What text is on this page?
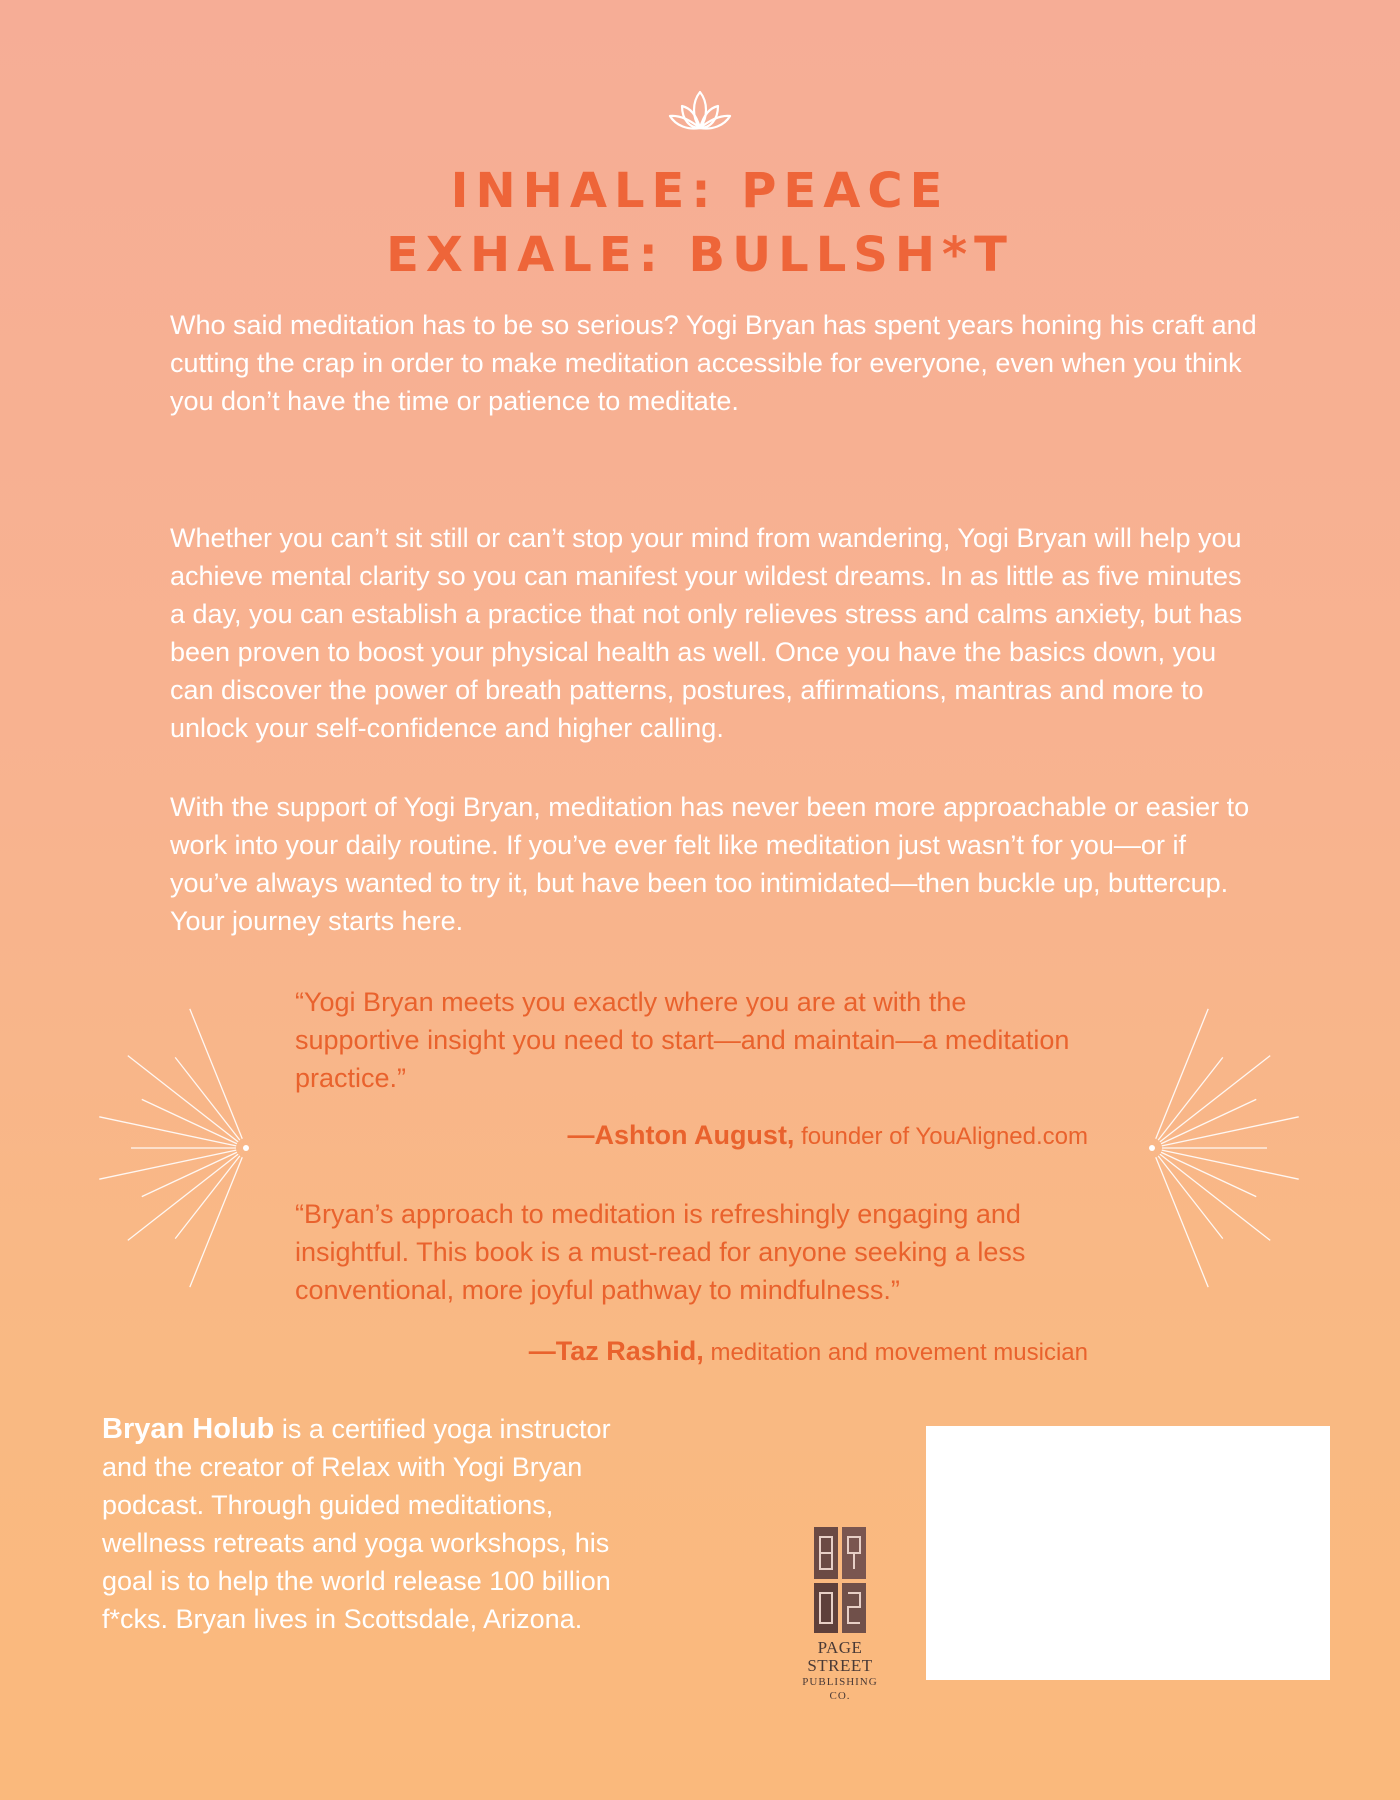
INHALE: PEACE
EXHALE: BULLSH*T

Who said meditation has to be so serious? Yogi Bryan has spent years honing his craft and cutting the crap in order to make meditation accessible for everyone, even when you think you don’t have the time or patience to meditate.

Whether you can’t sit still or can’t stop your mind from wandering, Yogi Bryan will help you achieve mental clarity so you can manifest your wildest dreams. In as little as five minutes a day, you can establish a practice that not only relieves stress and calms anxiety, but has been proven to boost your physical health as well. Once you have the basics down, you can discover the power of breath patterns, postures, affirmations, mantras and more to unlock your self-confidence and higher calling.

With the support of Yogi Bryan, meditation has never been more approachable or easier to work into your daily routine. If you’ve ever felt like meditation just wasn’t for you—or if you’ve always wanted to try it, but have been too intimidated—then buckle up, buttercup. Your journey starts here.

“Yogi Bryan meets you exactly where you are at with the supportive insight you need to start—and maintain—a meditation practice.”

—Ashton August, founder of YouAligned.com

“Bryan’s approach to meditation is refreshingly engaging and insightful. This book is a must-read for anyone seeking a less conventional, more joyful pathway to mindfulness.”

—Taz Rashid, meditation and movement musician

Bryan Holub is a certified yoga instructor and the creator of Relax with Yogi Bryan podcast. Through guided meditations, wellness retreats and yoga workshops, his goal is to help the world release 100 billion f*cks. Bryan lives in Scottsdale, Arizona.

PAGE STREET
PUBLISHING CO.
